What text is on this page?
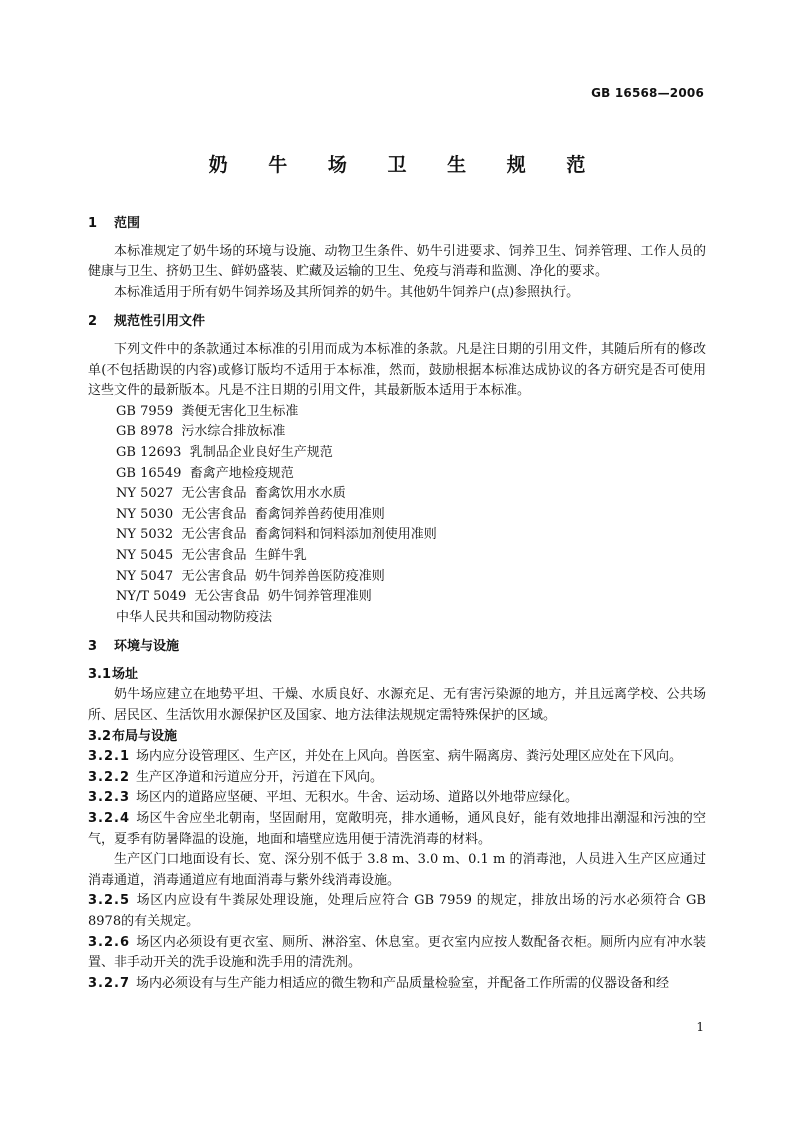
GB 16568—2006
奶 牛 场 卫 生 规 范
1 范围

本标准规定了奶牛场的环境与设施、动物卫生条件、奶牛引进要求、饲养卫生、饲养管理、工作人员的健康与卫生、挤奶卫生、鲜奶盛装、贮藏及运输的卫生、免疫与消毒和监测、净化的要求。

本标准适用于所有奶牛饲养场及其所饲养的奶牛。其他奶牛饲养户(点)参照执行。

2 规范性引用文件

下列文件中的条款通过本标准的引用而成为本标准的条款。凡是注日期的引用文件，其随后所有的修改单(不包括勘误的内容)或修订版均不适用于本标准，然而，鼓励根据本标准达成协议的各方研究是否可使用这些文件的最新版本。凡是不注日期的引用文件，其最新版本适用于本标准。

GB 7959  粪便无害化卫生标准
GB 8978  污水综合排放标准
GB 12693  乳制品企业良好生产规范
GB 16549  畜禽产地检疫规范
NY 5027  无公害食品  畜禽饮用水水质
NY 5030  无公害食品  畜禽饲养兽药使用准则
NY 5032  无公害食品  畜禽饲料和饲料添加剂使用准则
NY 5045  无公害食品  生鲜牛乳
NY 5047  无公害食品  奶牛饲养兽医防疫准则
NY/T 5049  无公害食品  奶牛饲养管理准则
中华人民共和国动物防疫法
3 环境与设施
3.1场址

奶牛场应建立在地势平坦、干燥、水质良好、水源充足、无有害污染源的地方，并且远离学校、公共场所、居民区、生活饮用水源保护区及国家、地方法律法规规定需特殊保护的区域。

3.2布局与设施

3.2.1 场内应分设管理区、生产区，并处在上风向。兽医室、病牛隔离房、粪污处理区应处在下风向。

3.2.2 生产区净道和污道应分开，污道在下风向。

3.2.3 场区内的道路应坚硬、平坦、无积水。牛舍、运动场、道路以外地带应绿化。

3.2.4 场区牛舍应坐北朝南，坚固耐用，宽敞明亮，排水通畅，通风良好，能有效地排出潮湿和污浊的空气，夏季有防暑降温的设施，地面和墙壁应选用便于清洗消毒的材料。

生产区门口地面设有长、宽、深分别不低于 3.8 m、3.0 m、0.1 m 的消毒池，人员进入生产区应通过消毒通道，消毒通道应有地面消毒与紫外线消毒设施。

3.2.5 场区内应设有牛粪尿处理设施，处理后应符合 GB 7959 的规定，排放出场的污水必须符合 GB 8978的有关规定。

3.2.6 场区内必须设有更衣室、厕所、淋浴室、休息室。更衣室内应按人数配备衣柜。厕所内应有冲水装置、非手动开关的洗手设施和洗手用的清洗剂。

3.2.7 场内必须设有与生产能力相适应的微生物和产品质量检验室，并配备工作所需的仪器设备和经

1
